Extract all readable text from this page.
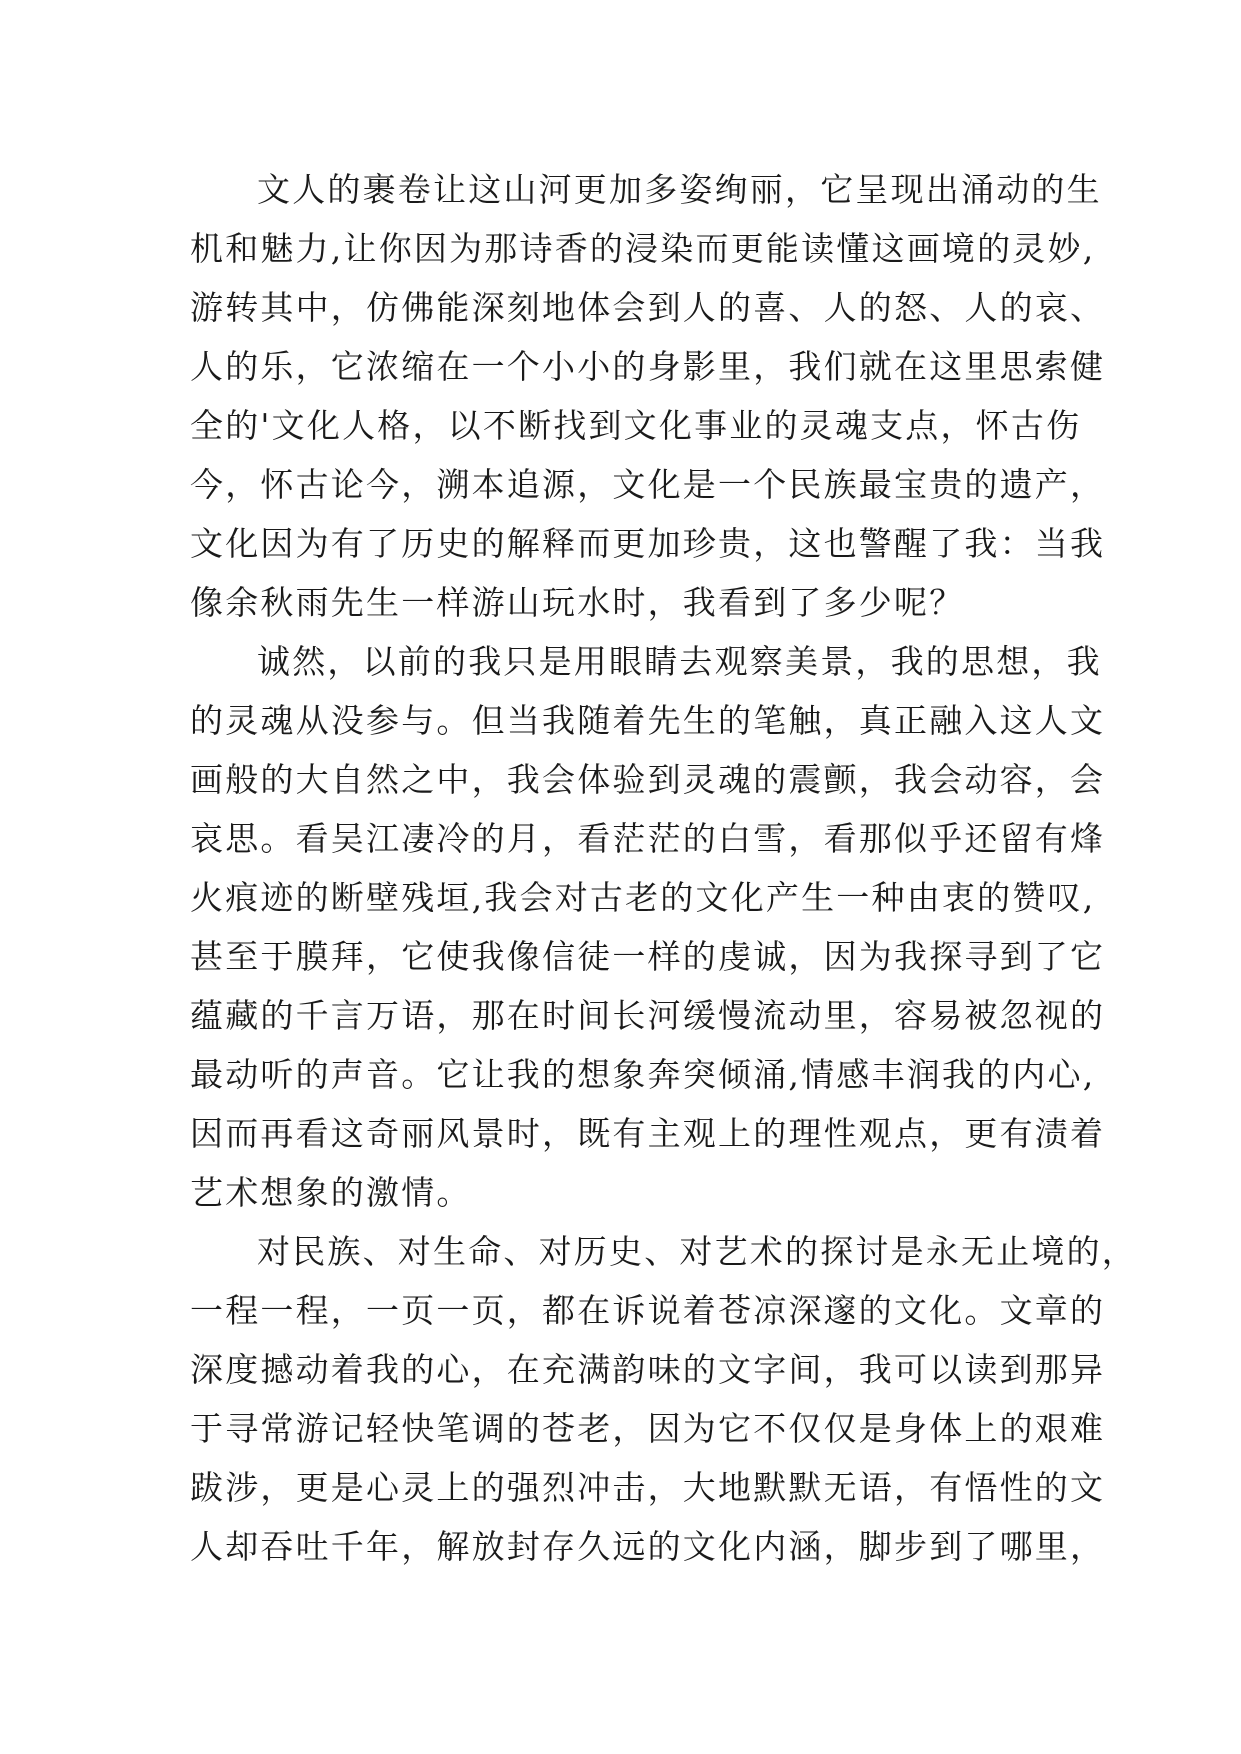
文人的裹卷让这山河更加多姿绚丽，它呈现出涌动的生
机和魅力,让你因为那诗香的浸染而更能读懂这画境的灵妙,
游转其中，仿佛能深刻地体会到人的喜、人的怒、人的哀、
人的乐，它浓缩在一个小小的身影里，我们就在这里思索健
全的'文化人格，以不断找到文化事业的灵魂支点，怀古伤
今，怀古论今，溯本追源，文化是一个民族最宝贵的遗产，
文化因为有了历史的解释而更加珍贵，这也警醒了我：当我
像余秋雨先生一样游山玩水时，我看到了多少呢？
诚然，以前的我只是用眼睛去观察美景，我的思想，我
的灵魂从没参与。但当我随着先生的笔触，真正融入这人文
画般的大自然之中，我会体验到灵魂的震颤，我会动容，会
哀思。看吴江凄冷的月，看茫茫的白雪，看那似乎还留有烽
火痕迹的断壁残垣,我会对古老的文化产生一种由衷的赞叹,
甚至于膜拜，它使我像信徒一样的虔诚，因为我探寻到了它
蕴藏的千言万语，那在时间长河缓慢流动里，容易被忽视的
最动听的声音。它让我的想象奔突倾涌,情感丰润我的内心,
因而再看这奇丽风景时，既有主观上的理性观点，更有渍着
艺术想象的激情。
对民族、对生命、对历史、对艺术的探讨是永无止境的，
一程一程，一页一页，都在诉说着苍凉深邃的文化。文章的
深度撼动着我的心，在充满韵味的文字间，我可以读到那异
于寻常游记轻快笔调的苍老，因为它不仅仅是身体上的艰难
跋涉，更是心灵上的强烈冲击，大地默默无语，有悟性的文
人却吞吐千年，解放封存久远的文化内涵，脚步到了哪里，
